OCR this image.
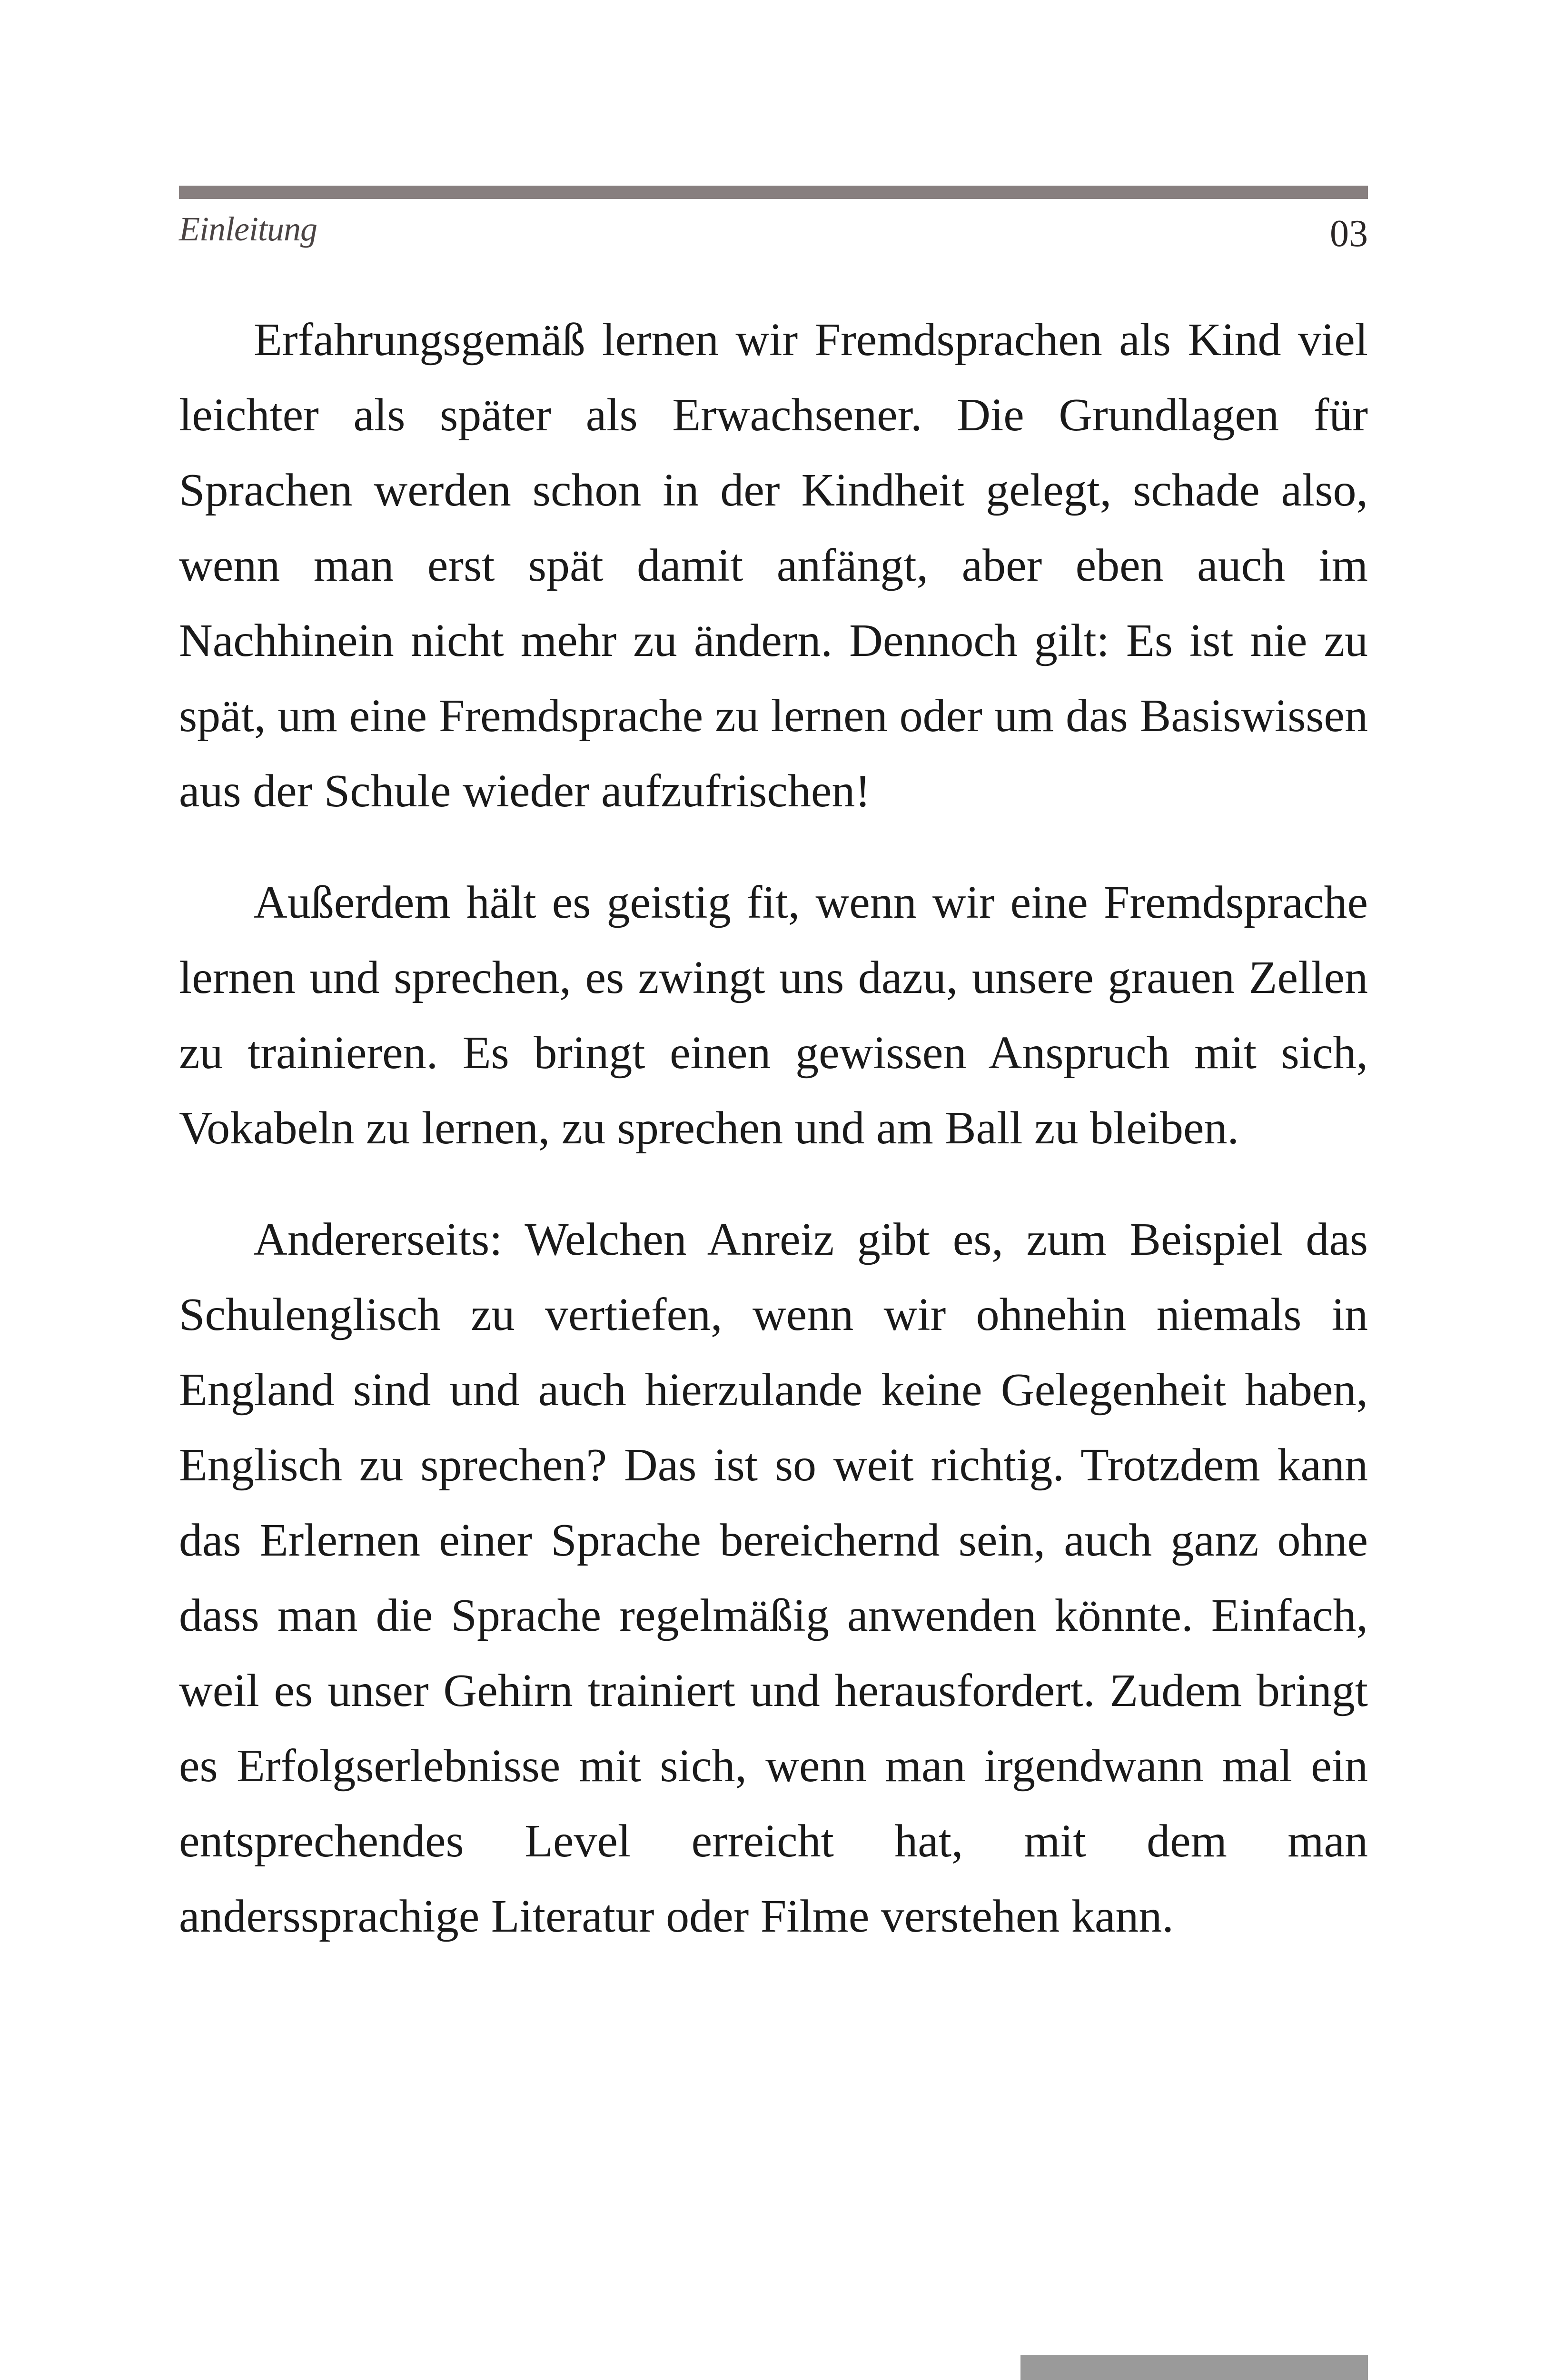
Einleitung	03

Erfahrungsgemäß lernen wir Fremdsprachen als Kind viel leichter als später als Erwachsener. Die Grundlagen für Sprachen werden schon in der Kindheit gelegt, schade also, wenn man erst spät damit anfängt, aber eben auch im Nachhinein nicht mehr zu ändern. Dennoch gilt: Es ist nie zu spät, um eine Fremdsprache zu lernen oder um das Basiswissen aus der Schule wieder aufzufrischen!

Außerdem hält es geistig fit, wenn wir eine Fremdsprache lernen und sprechen, es zwingt uns dazu, unsere grauen Zellen zu trainieren. Es bringt einen gewissen Anspruch mit sich, Vokabeln zu lernen, zu sprechen und am Ball zu bleiben.

Andererseits: Welchen Anreiz gibt es, zum Beispiel das Schulenglisch zu vertiefen, wenn wir ohnehin niemals in England sind und auch hierzulande keine Gelegenheit haben, Englisch zu sprechen? Das ist so weit richtig. Trotzdem kann das Erlernen einer Sprache bereichernd sein, auch ganz ohne dass man die Sprache regelmäßig anwenden könnte. Einfach, weil es unser Gehirn trainiert und herausfordert. Zudem bringt es Erfolgserlebnisse mit sich, wenn man irgendwann mal ein entsprechendes Level erreicht hat, mit dem man anderssprachige Literatur oder Filme verstehen kann.
